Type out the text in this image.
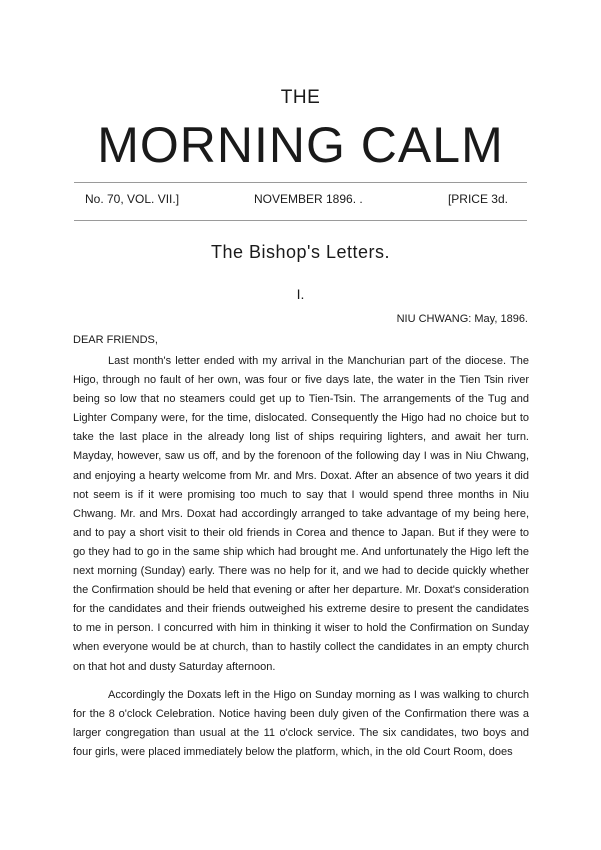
THE
MORNING CALM
No. 70, VOL. VII.]	NOVEMBER 1896. .	[PRICE 3d.
The Bishop's Letters.
I.
NIU CHWANG: May, 1896.
DEAR FRIENDS,

Last month's letter ended with my arrival in the Manchurian part of the diocese. The Higo, through no fault of her own, was four or five days late, the water in the Tien Tsin river being so low that no steamers could get up to Tien-Tsin. The arrangements of the Tug and Lighter Company were, for the time, dislocated. Consequently the Higo had no choice but to take the last place in the already long list of ships requiring lighters, and await her turn. Mayday, however, saw us off, and by the forenoon of the following day I was in Niu Chwang, and enjoying a hearty welcome from Mr. and Mrs. Doxat. After an absence of two years it did not seem is if it were promising too much to say that I would spend three months in Niu Chwang. Mr. and Mrs. Doxat had accordingly arranged to take advantage of my being here, and to pay a short visit to their old friends in Corea and thence to Japan. But if they were to go they had to go in the same ship which had brought me. And unfortunately the Higo left the next morning (Sunday) early. There was no help for it, and we had to decide quickly whether the Confirmation should be held that evening or after her departure. Mr. Doxat's consideration for the candidates and their friends outweighed his extreme desire to present the candidates to me in person. I concurred with him in thinking it wiser to hold the Confirmation on Sunday when everyone would be at church, than to hastily collect the candidates in an empty church on that hot and dusty Saturday afternoon.

Accordingly the Doxats left in the Higo on Sunday morning as I was walking to church for the 8 o'clock Celebration. Notice having been duly given of the Confirmation there was a larger congregation than usual at the 11 o'clock service. The six candidates, two boys and four girls, were placed immediately below the platform, which, in the old Court Room, does
